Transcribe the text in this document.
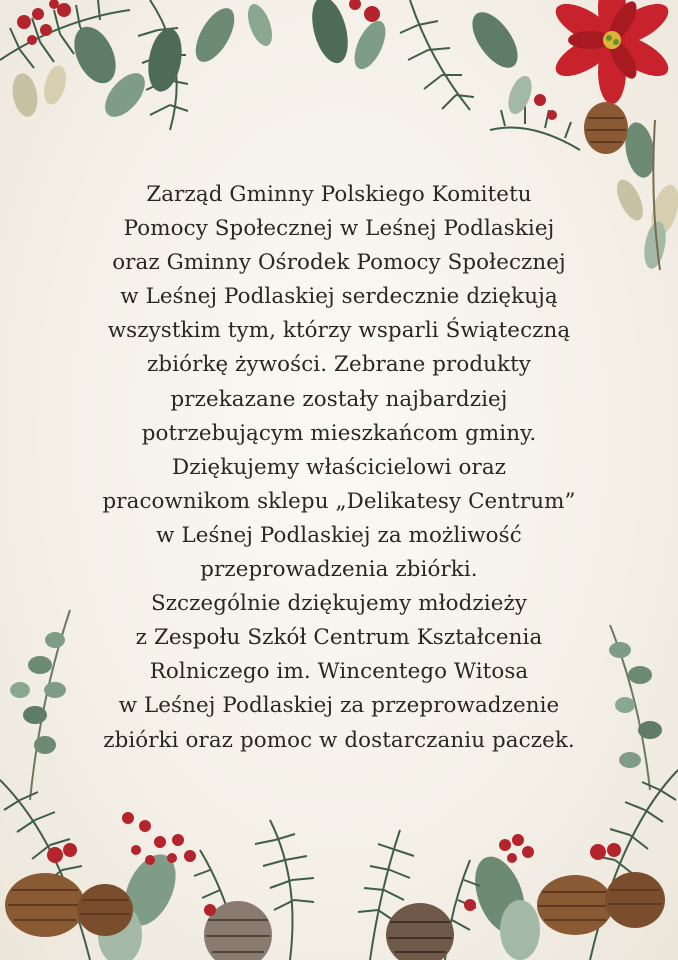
Zarząd Gminny Polskiego Komitetu
Pomocy Społecznej w Leśnej Podlaskiej
oraz Gminny Ośrodek Pomocy Społecznej
w Leśnej Podlaskiej serdecznie dziękują
wszystkim tym, którzy wsparli Świąteczną
zbiórkę żywości. Zebrane produkty
przekazane zostały najbardziej
potrzebującym mieszkańcom gminy.
Dziękujemy właścicielowi oraz
pracownikom sklepu „Delikatesy Centrum”
w Leśnej Podlaskiej za możliwość
przeprowadzenia zbiórki.
Szczególnie dziękujemy młodzieży
z Zespołu Szkół Centrum Kształcenia
Rolniczego im. Wincentego Witosa
w Leśnej Podlaskiej za przeprowadzenie
zbiórki oraz pomoc w dostarczaniu paczek.
